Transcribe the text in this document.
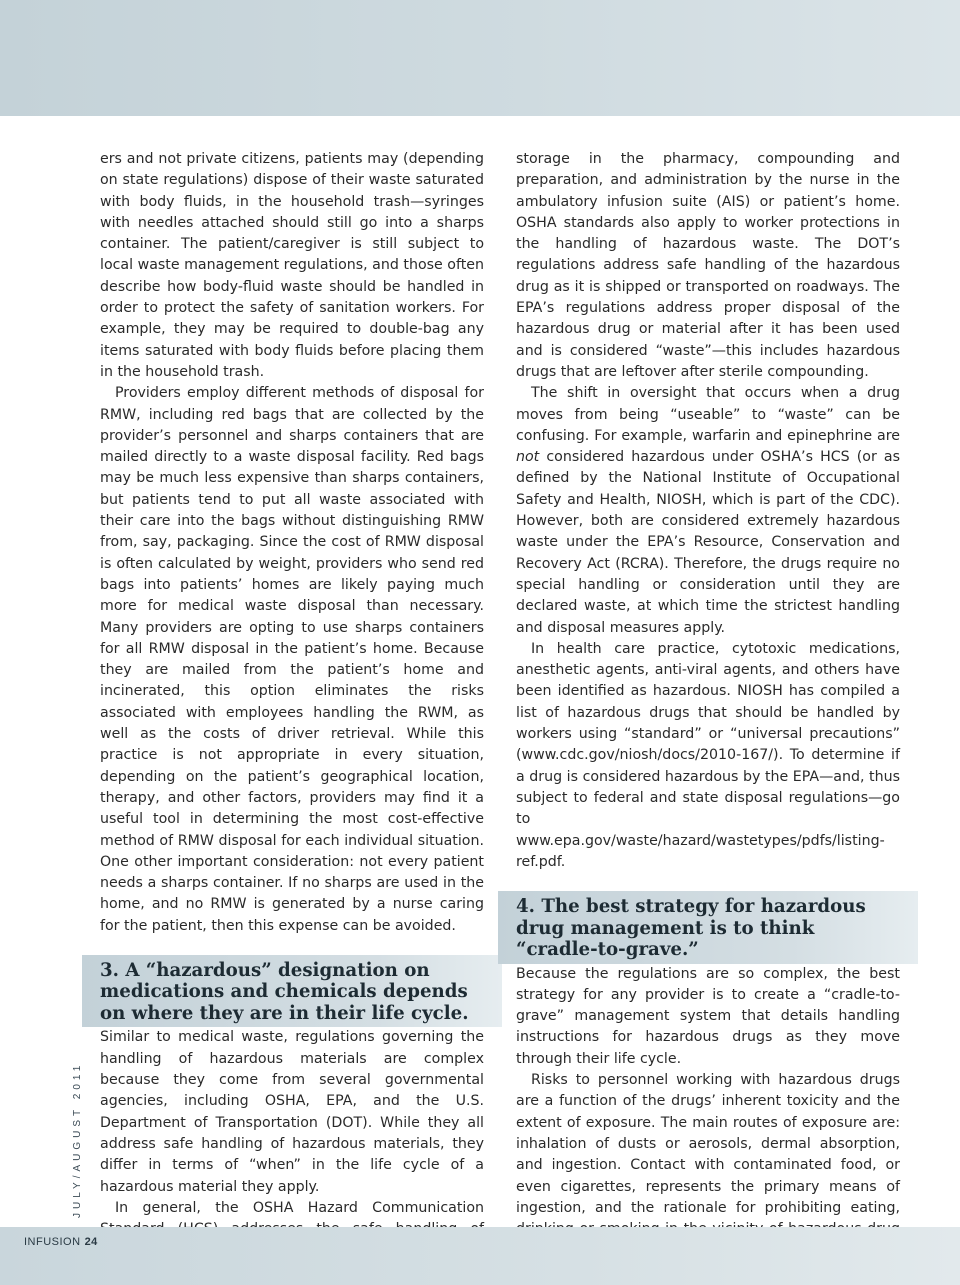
ers and not private citizens, patients may (depending on state regulations) dispose of their waste saturated with body fluids, in the household trash—syringes with needles attached should still go into a sharps container. The patient/caregiver is still subject to local waste management regulations, and those often describe how body-fluid waste should be handled in order to protect the safety of sanitation workers. For example, they may be required to double-bag any items saturated with body fluids before placing them in the household trash.

Providers employ different methods of disposal for RMW, including red bags that are collected by the provider’s personnel and sharps containers that are mailed directly to a waste disposal facility. Red bags may be much less expensive than sharps containers, but patients tend to put all waste associated with their care into the bags without distinguishing RMW from, say, packaging. Since the cost of RMW disposal is often calculated by weight, providers who send red bags into patients’ homes are likely paying much more for medical waste disposal than necessary. Many providers are opting to use sharps containers for all RMW disposal in the patient’s home. Because they are mailed from the patient’s home and incinerated, this option eliminates the risks associated with employees handling the RWM, as well as the costs of driver retrieval. While this practice is not appropriate in every situation, depending on the patient’s geographical location, therapy, and other factors, providers may find it a useful tool in determining the most cost-effective method of RMW disposal for each individual situation. One other important consideration: not every patient needs a sharps container. If no sharps are used in the home, and no RMW is generated by a nurse caring for the patient, then this expense can be avoided.

3. A “hazardous” designation on medications and chemicals depends on where they are in their life cycle.

Similar to medical waste, regulations governing the handling of hazardous materials are complex because they come from several governmental agencies, including OSHA, EPA, and the U.S. Department of Transportation (DOT). While they all address safe handling of hazardous materials, they differ in terms of “when” in the life cycle of a hazardous material they apply.

In general, the OSHA Hazard Communication

storage in the pharmacy, compounding and preparation, and administration by the nurse in the ambulatory infusion suite (AIS) or patient’s home. OSHA standards also apply to worker protections in the handling of hazardous waste. The DOT’s regulations address safe handling of the hazardous drug as it is shipped or transported on roadways. The EPA’s regulations address proper disposal of the hazardous drug or material after it has been used and is considered “waste”—this includes hazardous drugs that are leftover after sterile compounding.

The shift in oversight that occurs when a drug moves from being “useable” to “waste” can be confusing. For example, warfarin and epinephrine are not considered hazardous under OSHA’s HCS (or as defined by the National Institute of Occupational Safety and Health, NIOSH, which is part of the CDC). However, both are considered extremely hazardous waste under the EPA’s Resource, Conservation and Recovery Act (RCRA). Therefore, the drugs require no special handling or consideration until they are declared waste, at which time the strictest handling and disposal measures apply.

In health care practice, cytotoxic medications, anesthetic agents, anti-viral agents, and others have been identified as hazardous. NIOSH has compiled a list of hazardous drugs that should be handled by workers using “standard” or “universal precautions” (www.cdc.gov/niosh/docs/2010-167/). To determine if a drug is considered hazardous by the EPA—and, thus subject to federal and state disposal regulations—go to www.epa.gov/waste/hazard/wastetypes/pdfs/listing-ref.pdf.

4. The best strategy for hazardous drug management is to think “cradle-to-grave.”

Because the regulations are so complex, the best strategy for any provider is to create a “cradle-to-grave” management system that details handling instructions for hazardous drugs as they move through their life cycle.

Risks to personnel working with hazardous drugs are a function of the drugs’ inherent toxicity and the extent of exposure. The main routes of exposure are: inhalation of dusts or aerosols, dermal absorption, and ingestion. Contact with contaminated food, or even cigarettes, represents the primary means of ingestion, and the rationale for prohibiting eating,

JULY/AUGUST 2011
INFUSION 24
